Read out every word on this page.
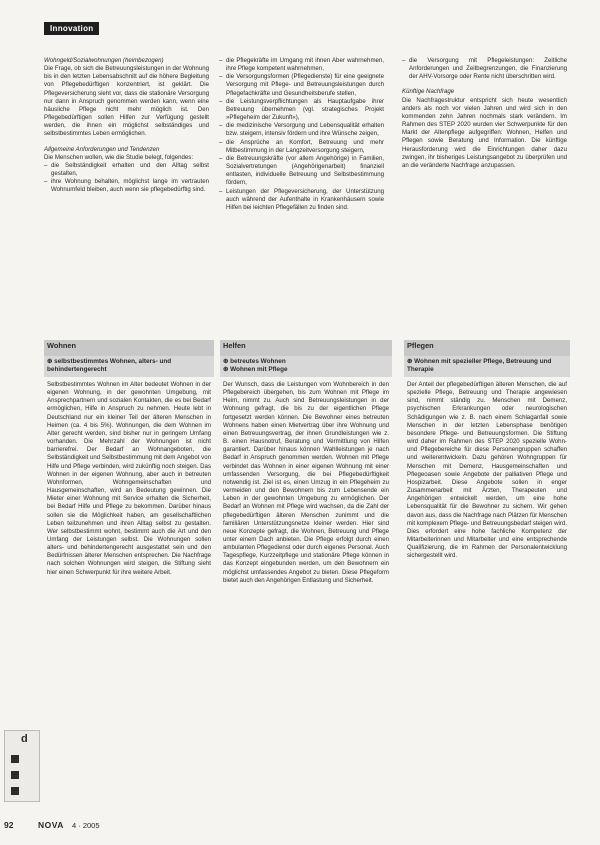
Innovation

Wohngeld/Sozialwohnungen (heimbezogen)

Die Frage, ob sich die Betreuungsleistungen in der Wohnung bis in den letzten Lebensabschnitt auf die höhere Begleitung von Pflegebedürftigen konzentriert, ist geklärt. Die Pflegeversicherung sieht vor, dass die stationäre Versorgung nur dann in Anspruch genommen werden kann, wenn eine häusliche Pflege nicht mehr möglich ist. Den Pflegebedürftigen sollen Hilfen zur Verfügung gestellt werden, die ihnen ein möglichst selbständiges und selbstbestimmtes Leben ermöglichen.

Allgemeine Anforderungen und Tendenzen

Die Menschen wollen, wie die Studie belegt, folgendes:

– die Selbständigkeit erhalten und den Alltag selbst gestalten,
– ihre Wohnung behalten, möglichst lange im vertrauten Wohnumfeld bleiben, auch wenn sie pflegebedürftig sind.
– die Pflegekräfte im Umgang mit ihnen Aber wahrnehmen, ihre Pflege kompetent wahrnehmen,
– die Versorgungsformen (Pflegedienste) für eine geeignete Versorgung mit Pflege- und Betreuungsleistungen durch Pflegefachkräfte und Gesundheitsberufe stellen,
– die Leistungsverpflichtungen als Hauptaufgabe ihrer Betreuung übernehmen (vgl. strategisches Projekt »Pflegeheim der Zukunft«),
– die medizinische Versorgung und Lebensqualität erhalten bzw. steigern, intensiv fördern und ihre Wünsche zeigen,
– die Ansprüche an Komfort, Betreuung und mehr Mitbestimmung in der Langzeitversorgung steigern,
– die Betreuungskräfte (vor allem Angehörige) in Familien, Sozialvertretungen (Angehörigenarbeit) finanziell entlasten, individuelle Betreuung und Selbstbestimmung fördern,
– Leistungen der Pflegeversicherung, der Unterstützung auch während der Aufenthalte in Krankenhäusern sowie Hilfen bei leichten Pflegefällen zu finden sind.
– die Versorgung mit Pflegeleistungen: Zeitliche Anforderungen und Zeitbegrenzungen, die Finanzierung der AHV-Vorsorge oder Rente nicht überschritten wird.

Künftige Nachfrage

Die Nachfragestruktur entspricht sich heute wesentlich anders als noch vor vielen Jahren und wird sich in den kommenden zehn Jahren nochmals stark verändern. Im Rahmen des STEP 2020 wurden vier Schwerpunkte für den Markt der Altenpflege aufgegriffen: Wohnen, Helfen und Pflegen sowie Beratung und Information. Die künftige Herausforderung wird die Einrichtungen daher dazu zwingen, ihr bisheriges Leistungsangebot zu überprüfen und an die veränderte Nachfrage anzupassen.

Wohnen
⊕ selbstbestimmtes Wohnen, alters- und behindertengerecht

Selbstbestimmtes Wohnen im Alter bedeutet Wohnen in der eigenen Wohnung, in der gewohnten Umgebung, mit Ansprechpartnern und sozialen Kontakten, die es bei Bedarf ermöglichen, Hilfe in Anspruch zu nehmen. Heute lebt in Deutschland nur ein kleiner Teil der älteren Menschen in Heimen (ca. 4 bis 5%). Wohnungen, die dem Wohnen im Alter gerecht werden, sind bisher nur in geringem Umfang vorhanden. Die Mehrzahl der Wohnungen ist nicht barrierefrei. Der Bedarf an Wohnangeboten, die Selbständigkeit und Selbstbestimmung mit dem Angebot von Hilfe und Pflege verbinden, wird zukünftig noch steigen. Das Wohnen in der eigenen Wohnung, aber auch in betreuten Wohnformen, Wohngemeinschaften und Hausgemeinschaften, wird an Bedeutung gewinnen. Die Mieter einer Wohnung mit Service erhalten die Sicherheit, bei Bedarf Hilfe und Pflege zu bekommen. Darüber hinaus sollen sie die Möglichkeit haben, am gesellschaftlichen Leben teilzunehmen und ihren Alltag selbst zu gestalten. Wer selbstbestimmt wohnt, bestimmt auch die Art und den Umfang der Leistungen selbst. Die Wohnungen sollen alters- und behindertengerecht ausgestattet sein und den Bedürfnissen älterer Menschen entsprechen. Die Nachfrage nach solchen Wohnungen wird steigen, die Stiftung sieht hier einen Schwerpunkt für ihre weitere Arbeit.

Helfen
⊕ betreutes Wohnen
⊕ Wohnen mit Pflege

Der Wunsch, dass die Leistungen vom Wohnbereich in den Pflegebereich übergehen, bis zum Wohnen mit Pflege im Heim, nimmt zu. Auch sind Betreuungsleistungen in der Wohnung gefragt, die bis zu der eigentlichen Pflege fortgesetzt werden können. Die Bewohner eines betreuten Wohnens haben einen Mietvertrag über ihre Wohnung und einen Betreuungsvertrag, der ihnen Grundleistungen wie z. B. einen Hausnotruf, Beratung und Vermittlung von Hilfen garantiert. Darüber hinaus können Wahlleistungen je nach Bedarf in Anspruch genommen werden. Wohnen mit Pflege verbindet das Wohnen in einer eigenen Wohnung mit einer umfassenden Versorgung, die bei Pflegebedürftigkeit notwendig ist. Ziel ist es, einen Umzug in ein Pflegeheim zu vermeiden und den Bewohnern bis zum Lebensende ein Leben in der gewohnten Umgebung zu ermöglichen. Der Bedarf an Wohnen mit Pflege wird wachsen, da die Zahl der pflegebedürftigen älteren Menschen zunimmt und die familiären Unterstützungsnetze kleiner werden. Hier sind neue Konzepte gefragt, die Wohnen, Betreuung und Pflege unter einem Dach anbieten. Die Pflege erfolgt durch einen ambulanten Pflegedienst oder durch eigenes Personal. Auch Tagespflege, Kurzzeitpflege und stationäre Pflege können in das Konzept eingebunden werden, um den Bewohnern ein möglichst umfassendes Angebot zu bieten. Diese Pflegeform bietet auch den Angehörigen Entlastung und Sicherheit.

Pflegen
⊕ Wohnen mit spezieller Pflege, Betreuung und Therapie

Der Anteil der pflegebedürftigen älteren Menschen, die auf spezielle Pflege, Betreuung und Therapie angewiesen sind, nimmt ständig zu. Menschen mit Demenz, psychischen Erkrankungen oder neurologischen Schädigungen wie z. B. nach einem Schlaganfall sowie Menschen in der letzten Lebensphase benötigen besondere Pflege- und Betreuungsformen. Die Stiftung wird daher im Rahmen des STEP 2020 spezielle Wohn- und Pflegebereiche für diese Personengruppen schaffen und weiterentwickeln. Dazu gehören Wohngruppen für Menschen mit Demenz, Hausgemeinschaften und Pflegeoasen sowie Angebote der palliativen Pflege und Hospizarbeit. Diese Angebote sollen in enger Zusammenarbeit mit Ärzten, Therapeuten und Angehörigen entwickelt werden, um eine hohe Lebensqualität für die Bewohner zu sichern. Wir gehen davon aus, dass die Nachfrage nach Plätzen für Menschen mit komplexem Pflege- und Betreuungsbedarf steigen wird. Dies erfordert eine hohe fachliche Kompetenz der Mitarbeiterinnen und Mitarbeiter und eine entsprechende Qualifizierung, die im Rahmen der Personalentwicklung sichergestellt wird.

d
92	NOVA 4 · 2005
